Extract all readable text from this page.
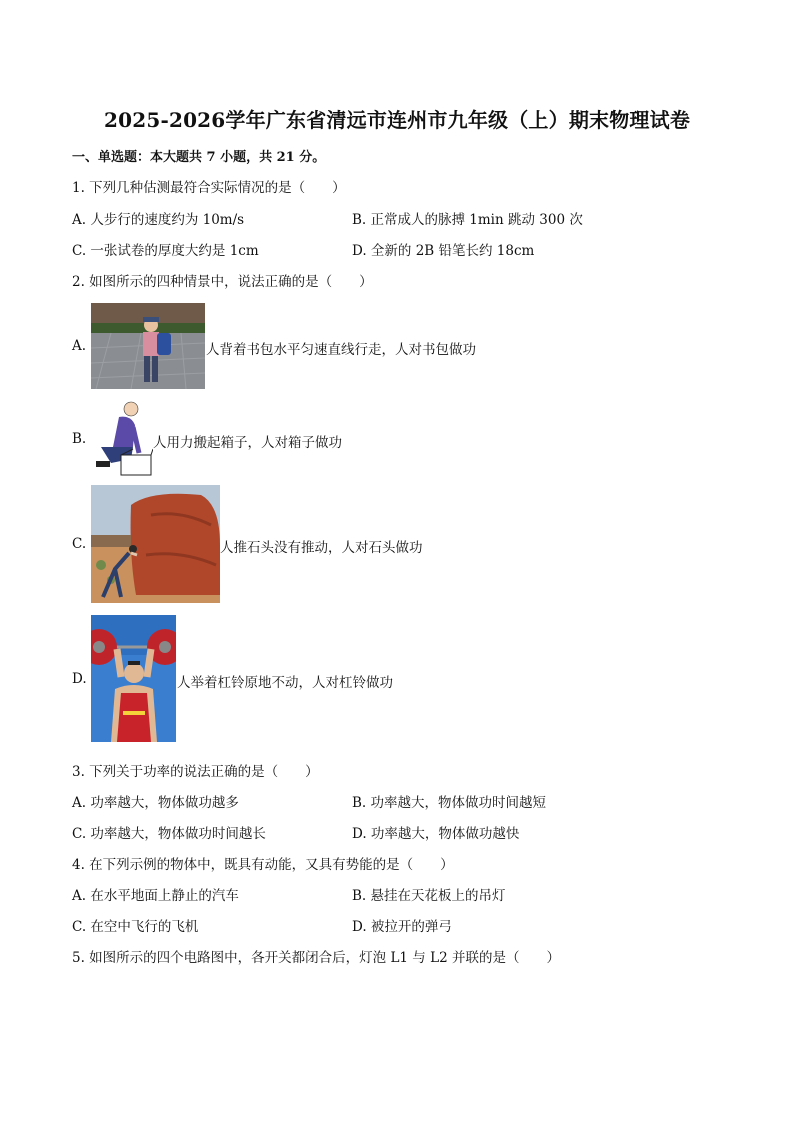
2025-2026学年广东省清远市连州市九年级（上）期末物理试卷
一、单选题：本大题共 7 小题，共 21 分。
1. 下列几种估测最符合实际情况的是（　　）
A. 人步行的速度约为 10m/s	B. 正常成人的脉搏 1min 跳动 300 次
C. 一张试卷的厚度大约是 1cm	D. 全新的 2B 铅笔长约 18cm
2. 如图所示的四种情景中，说法正确的是（　　）
A.	人背着书包水平匀速直线行走，人对书包做功
B.	人用力搬起箱子，人对箱子做功
C.	人推石头没有推动，人对石头做功
D.	人举着杠铃原地不动，人对杠铃做功
3. 下列关于功率的说法正确的是（　　）
A. 功率越大，物体做功越多	B. 功率越大，物体做功时间越短
C. 功率越大，物体做功时间越长	D. 功率越大，物体做功越快
4. 在下列示例的物体中，既具有动能，又具有势能的是（　　）
A. 在水平地面上静止的汽车	B. 悬挂在天花板上的吊灯
C. 在空中飞行的飞机	D. 被拉开的弹弓
5. 如图所示的四个电路图中，各开关都闭合后，灯泡 L1 与 L2 并联的是（　　）
